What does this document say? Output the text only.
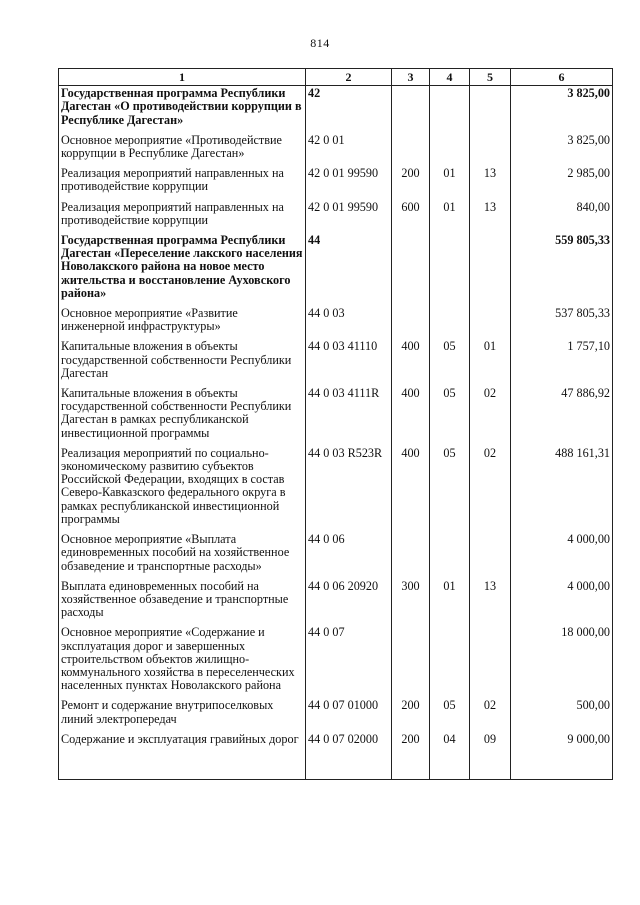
814
1	2	3	4	5	6
Государственная программа Республики Дагестан «О противодействии коррупции в Республике Дагестан»	42				3 825,00
Основное мероприятие «Противодействие коррупции в Республике Дагестан»	42 0 01				3 825,00
Реализация мероприятий направленных на противодействие коррупции	42 0 01 99590	200	01	13	2 985,00
Реализация мероприятий направленных на противодействие коррупции	42 0 01 99590	600	01	13	840,00
Государственная программа Республики Дагестан «Переселение лакского населения Новолакского района на новое место жительства и восстановление Ауховского района»	44				559 805,33
Основное мероприятие «Развитие инженерной инфраструктуры»	44 0 03				537 805,33
Капитальные вложения в объекты государственной собственности Республики Дагестан	44 0 03 41110	400	05	01	1 757,10
Капитальные вложения в объекты государственной собственности Республики Дагестан в рамках республиканской инвестиционной программы	44 0 03 4111R	400	05	02	47 886,92
Реализация мероприятий по социально-экономическому развитию субъектов Российской Федерации, входящих в состав Северо-Кавказского федерального округа в рамках республиканской инвестиционной программы	44 0 03 R523R	400	05	02	488 161,31
Основное мероприятие «Выплата единовременных пособий на хозяйственное обзаведение и транспортные расходы»	44 0 06				4 000,00
Выплата единовременных пособий на хозяйственное обзаведение и транспортные расходы	44 0 06 20920	300	01	13	4 000,00
Основное мероприятие «Содержание и эксплуатация дорог и завершенных строительством объектов жилищно-коммунального хозяйства в переселенческих населенных пунктах Новолакского района	44 0 07				18 000,00
Ремонт и содержание внутрипоселковых линий электропередач	44 0 07 01000	200	05	02	500,00
Содержание и эксплуатация гравийных дорог	44 0 07 02000	200	04	09	9 000,00
